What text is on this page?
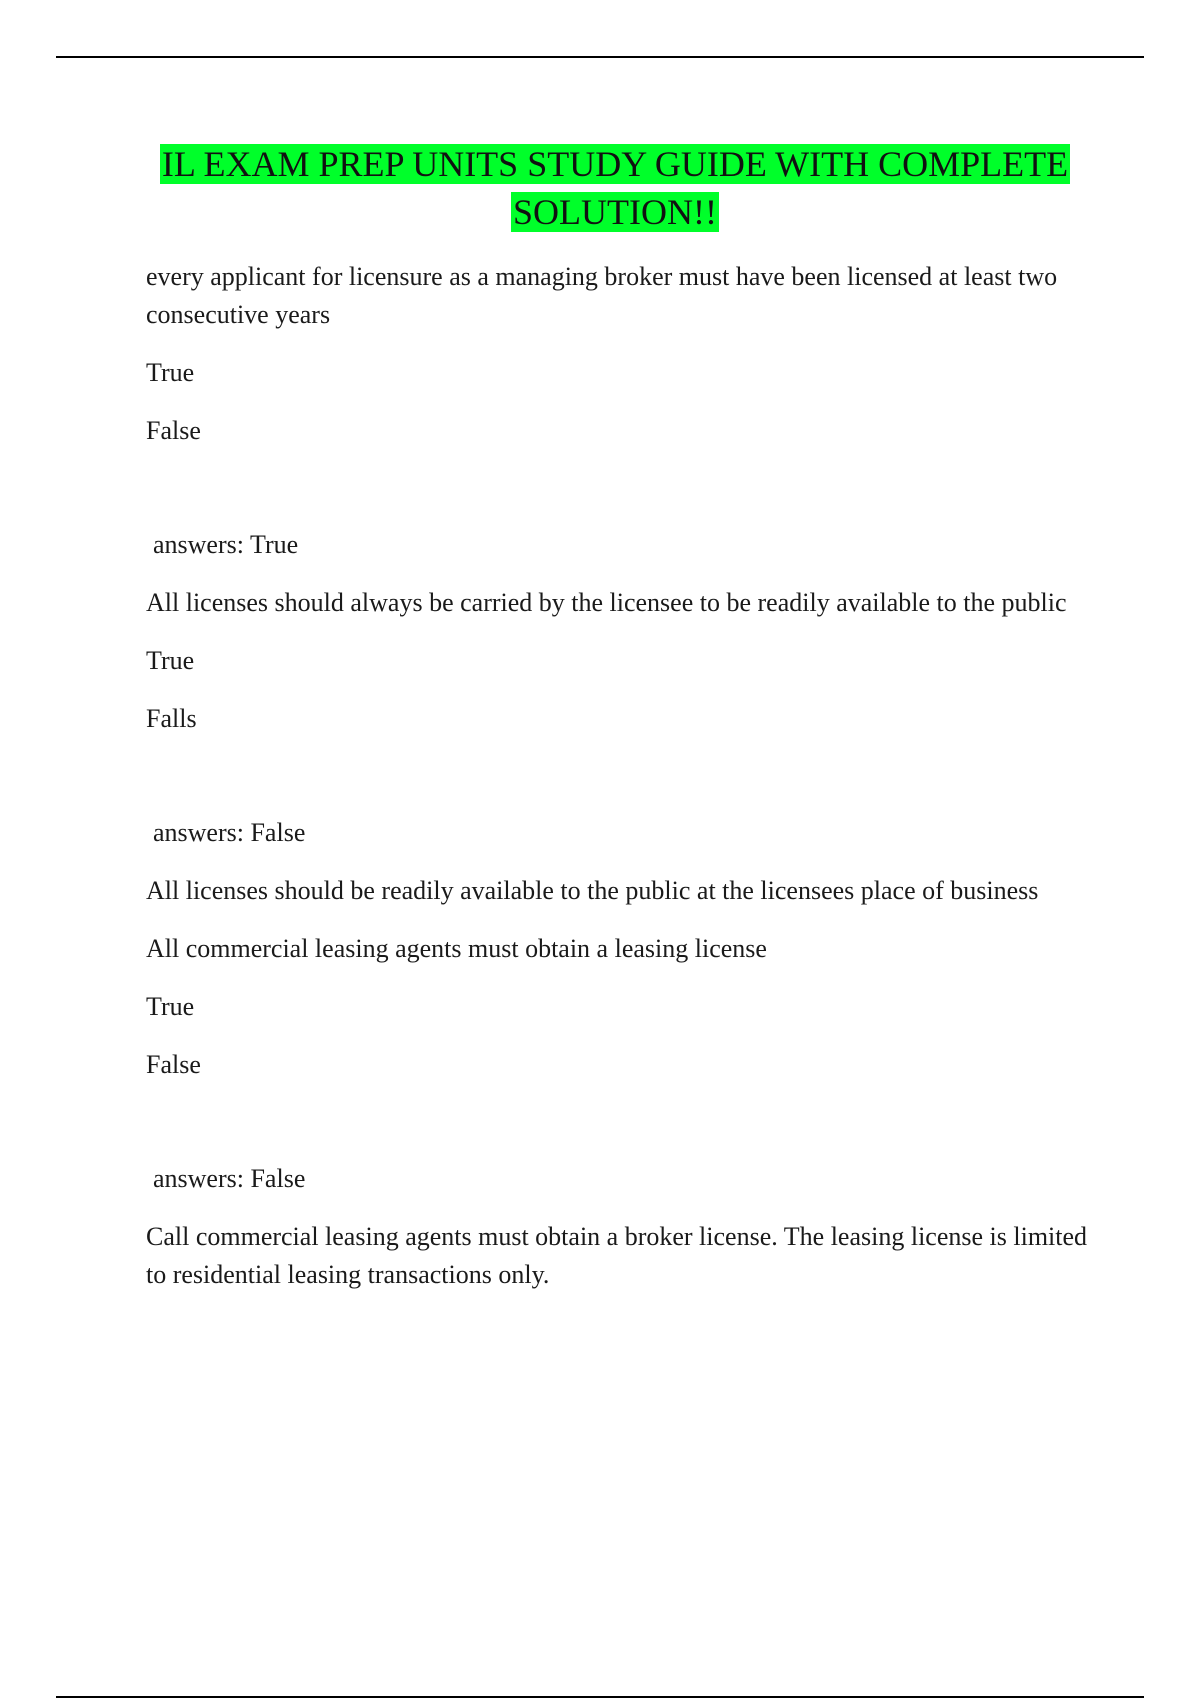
IL EXAM PREP UNITS STUDY GUIDE WITH COMPLETE SOLUTION!!

every applicant for licensure as a managing broker must have been licensed at least two consecutive years

True

False

answers: True

All licenses should always be carried by the licensee to be readily available to the public

True

Falls

answers: False

All licenses should be readily available to the public at the licensees place of business

All commercial leasing agents must obtain a leasing license

True

False

answers: False

Call commercial leasing agents must obtain a broker license. The leasing license is limited to residential leasing transactions only.
